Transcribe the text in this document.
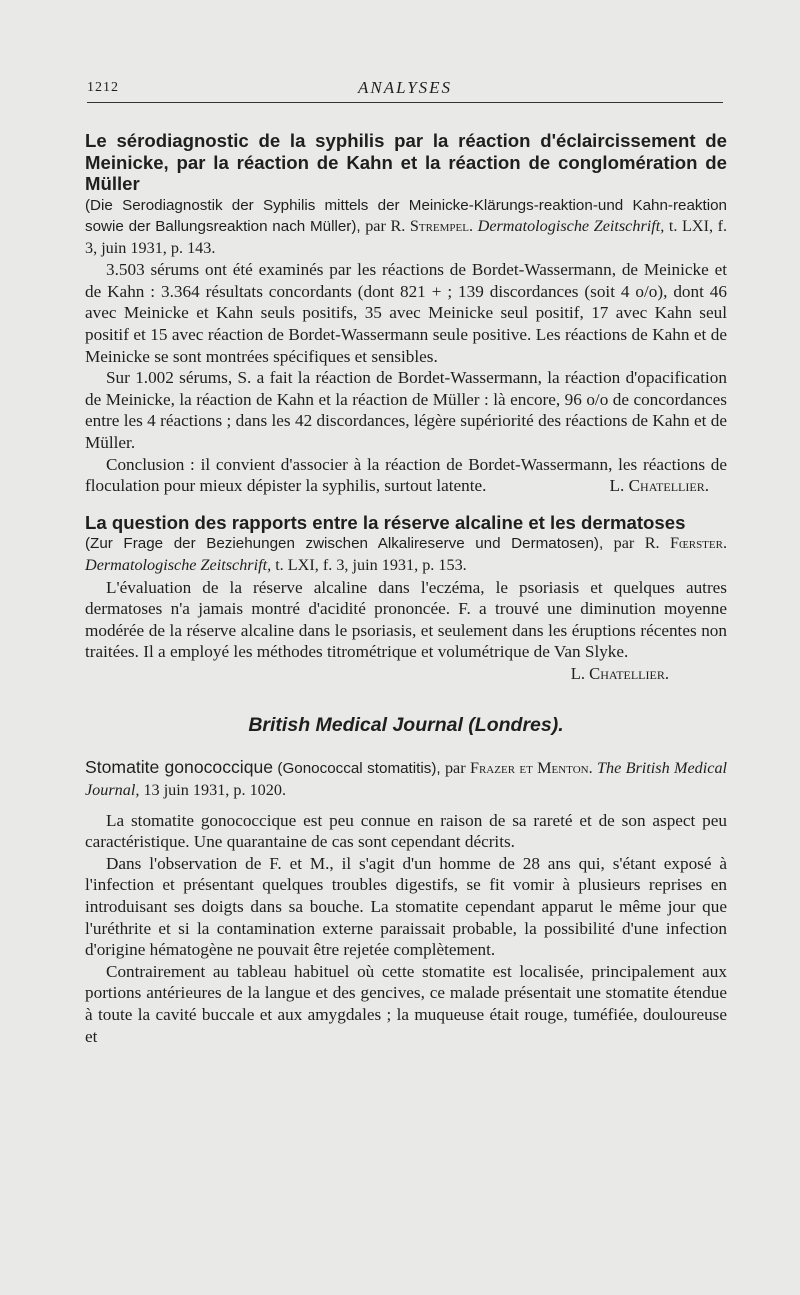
1212	ANALYSES

Le sérodiagnostic de la syphilis par la réaction d'éclaircissement de Meinicke, par la réaction de Kahn et la réaction de conglomération de Müller

(Die Serodiagnostik der Syphilis mittels der Meinicke-Klärungs-reaktion-und Kahn-reaktion sowie der Ballungsreaktion nach Müller), par R. Strempel. Dermatologische Zeitschrift, t. LXI, f. 3, juin 1931, p. 143.

3.503 sérums ont été examinés par les réactions de Bordet-Wassermann, de Meinicke et de Kahn : 3.364 résultats concordants (dont 821 + ; 139 discordances (soit 4 o/o), dont 46 avec Meinicke et Kahn seuls positifs, 35 avec Meinicke seul positif, 17 avec Kahn seul positif et 15 avec réaction de Bordet-Wassermann seule positive. Les réactions de Kahn et de Meinicke se sont montrées spécifiques et sensibles.

Sur 1.002 sérums, S. a fait la réaction de Bordet-Wassermann, la réaction d'opacification de Meinicke, la réaction de Kahn et la réaction de Müller : là encore, 96 o/o de concordances entre les 4 réactions ; dans les 42 discordances, légère supériorité des réactions de Kahn et de Müller.

Conclusion : il convient d'associer à la réaction de Bordet-Wassermann, les réactions de floculation pour mieux dépister la syphilis, surtout latente.	L. Chatellier.

La question des rapports entre la réserve alcaline et les dermatoses

(Zur Frage der Beziehungen zwischen Alkalireserve und Dermatosen), par R. Fœrster. Dermatologische Zeitschrift, t. LXI, f. 3, juin 1931, p. 153.

L'évaluation de la réserve alcaline dans l'eczéma, le psoriasis et quelques autres dermatoses n'a jamais montré d'acidité prononcée. F. a trouvé une diminution moyenne modérée de la réserve alcaline dans le psoriasis, et seulement dans les éruptions récentes non traitées. Il a employé les méthodes titrométrique et volumétrique de Van Slyke.

L. Chatellier.

British Medical Journal (Londres).

Stomatite gonococcique (Gonococcal stomatitis), par Frazer et Menton. The British Medical Journal, 13 juin 1931, p. 1020.

La stomatite gonococcique est peu connue en raison de sa rareté et de son aspect peu caractéristique. Une quarantaine de cas sont cependant décrits.

Dans l'observation de F. et M., il s'agit d'un homme de 28 ans qui, s'étant exposé à l'infection et présentant quelques troubles digestifs, se fit vomir à plusieurs reprises en introduisant ses doigts dans sa bouche. La stomatite cependant apparut le même jour que l'uréthrite et si la contamination externe paraissait probable, la possibilité d'une infection d'origine hématogène ne pouvait être rejetée complètement.

Contrairement au tableau habituel où cette stomatite est localisée, principalement aux portions antérieures de la langue et des gencives, ce malade présentait une stomatite étendue à toute la cavité buccale et aux amygdales ; la muqueuse était rouge, tuméfiée, douloureuse et
